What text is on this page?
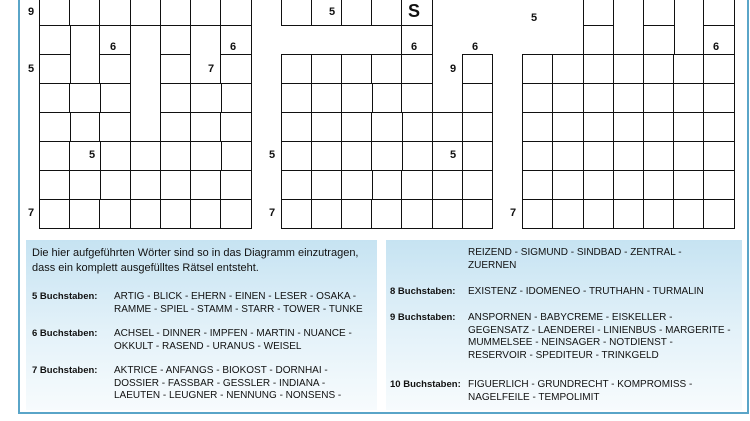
9	5	5
6	6	6	6	6
5	7	9
5	5	5
7	7	7
S
Die hier aufgeführten Wörter sind so in das Diagramm einzutragen, dass ein komplett ausgefülltes Rätsel entsteht.
5 Buchstaben: ARTIG - BLICK - EHERN - EINEN - LESER - OSAKA -
RAMME - SPIEL - STAMM - STARR - TOWER - TUNKE
6 Buchstaben: ACHSEL - DINNER - IMPFEN - MARTIN - NUANCE -
OKKULT - RASEND - URANUS - WEISEL
7 Buchstaben: AKTRICE - ANFANGS - BIOKOST - DORNHAI -
DOSSIER - FASSBAR - GESSLER - INDIANA -
LAEUTEN - LEUGNER - NENNUNG - NONSENS -
REIZEND - SIGMUND - SINDBAD - ZENTRAL -
ZUERNEN
8 Buchstaben: EXISTENZ - IDOMENEO - TRUTHAHN - TURMALIN
9 Buchstaben: ANSPORNEN - BABYCREME - EISKELLER -
GEGENSATZ - LAENDEREI - LINIENBUS - MARGERITE -
MUMMELSEE - NEINSAGER - NOTDIENST -
RESERVOIR - SPEDITEUR - TRINKGELD
10 Buchstaben: FIGUERLICH - GRUNDRECHT - KOMPROMISS -
NAGELFEILE - TEMPOLIMIT
